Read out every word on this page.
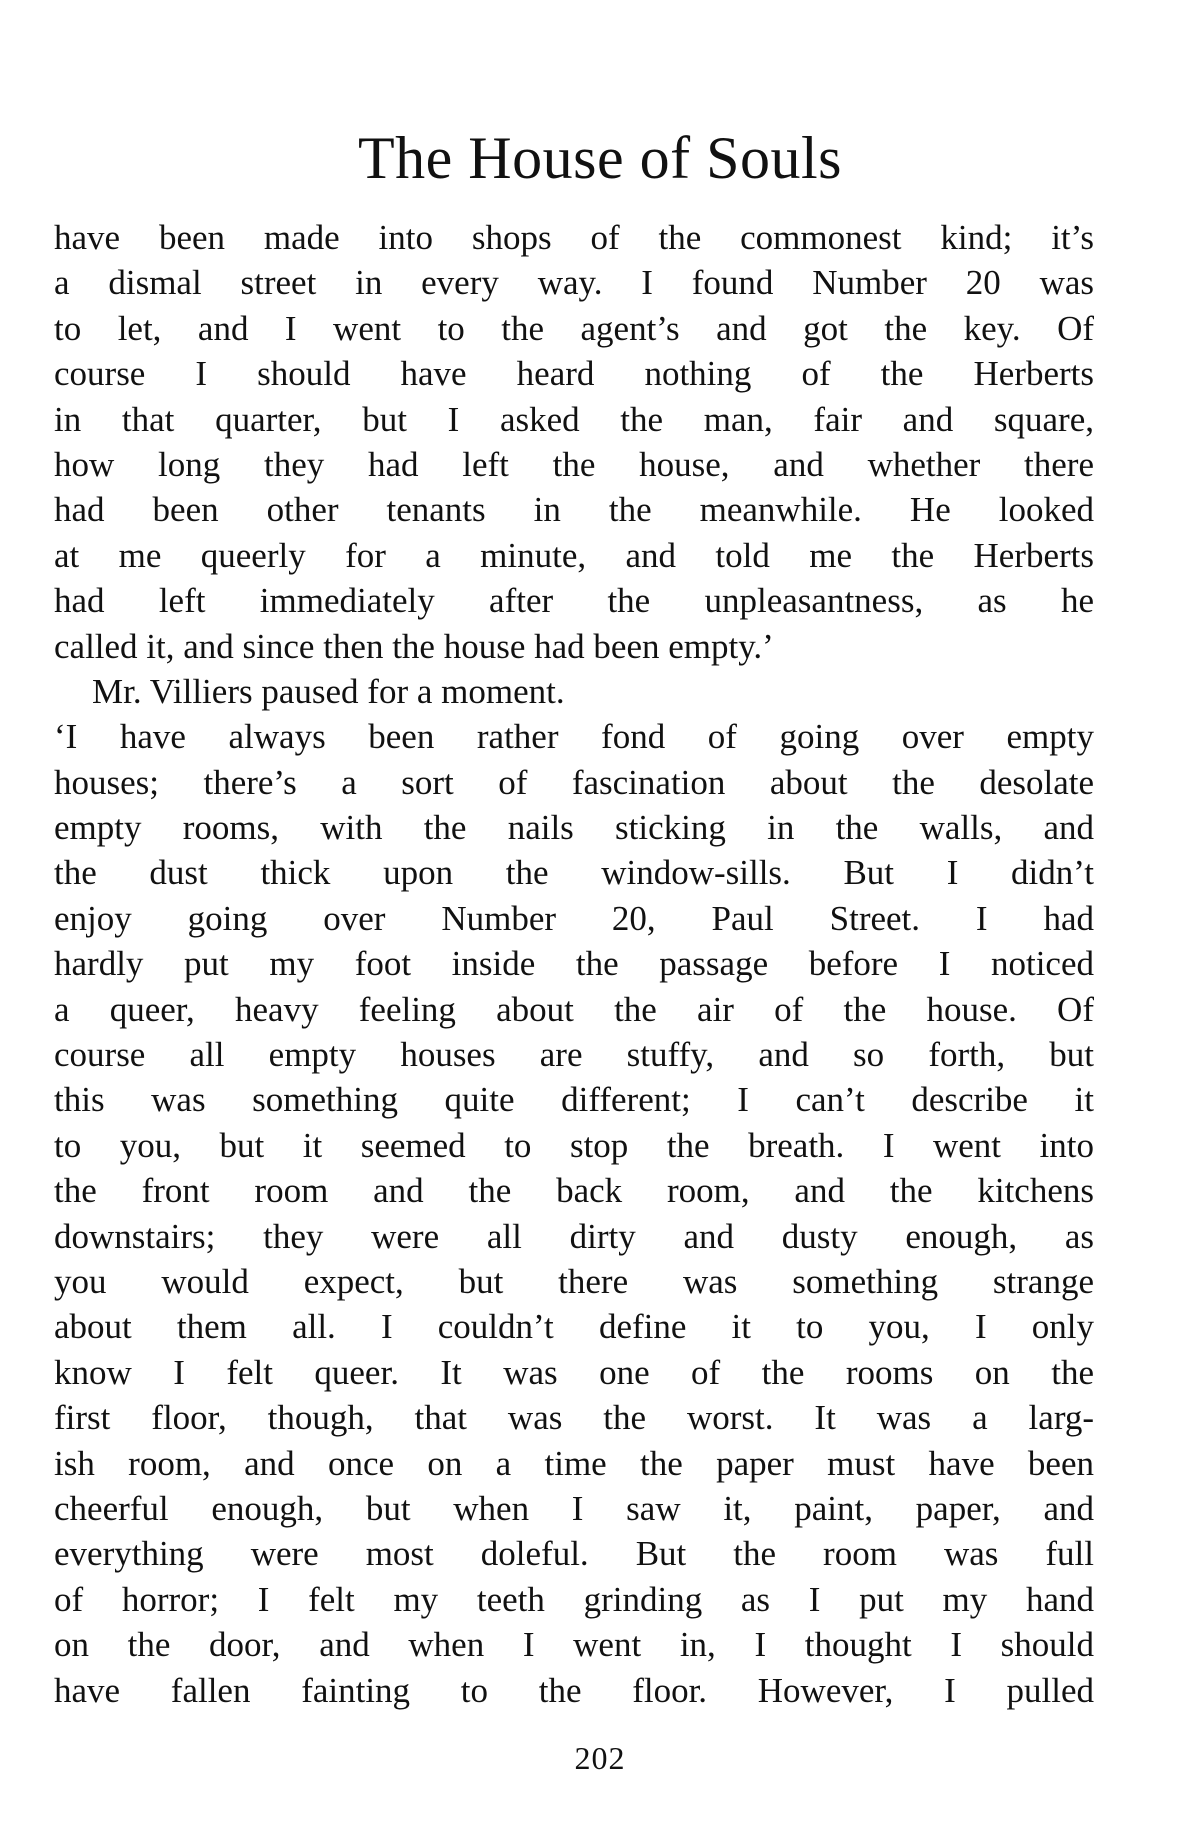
The House of Souls
have been made into shops of the commonest kind; it’s
a dismal street in every way. I found Number 20 was
to let, and I went to the agent’s and got the key. Of
course I should have heard nothing of the Herberts
in that quarter, but I asked the man, fair and square,
how long they had left the house, and whether there
had been other tenants in the meanwhile. He looked
at me queerly for a minute, and told me the Herberts
had left immediately after the unpleasantness, as he
called it, and since then the house had been empty.’
Mr. Villiers paused for a moment.
‘I have always been rather fond of going over empty
houses; there’s a sort of fascination about the desolate
empty rooms, with the nails sticking in the walls, and
the dust thick upon the window-sills. But I didn’t
enjoy going over Number 20, Paul Street. I had
hardly put my foot inside the passage before I noticed
a queer, heavy feeling about the air of the house. Of
course all empty houses are stuffy, and so forth, but
this was something quite different; I can’t describe it
to you, but it seemed to stop the breath. I went into
the front room and the back room, and the kitchens
downstairs; they were all dirty and dusty enough, as
you would expect, but there was something strange
about them all. I couldn’t define it to you, I only
know I felt queer. It was one of the rooms on the
first floor, though, that was the worst. It was a larg-
ish room, and once on a time the paper must have been
cheerful enough, but when I saw it, paint, paper, and
everything were most doleful. But the room was full
of horror; I felt my teeth grinding as I put my hand
on the door, and when I went in, I thought I should
have fallen fainting to the floor. However, I pulled
202
